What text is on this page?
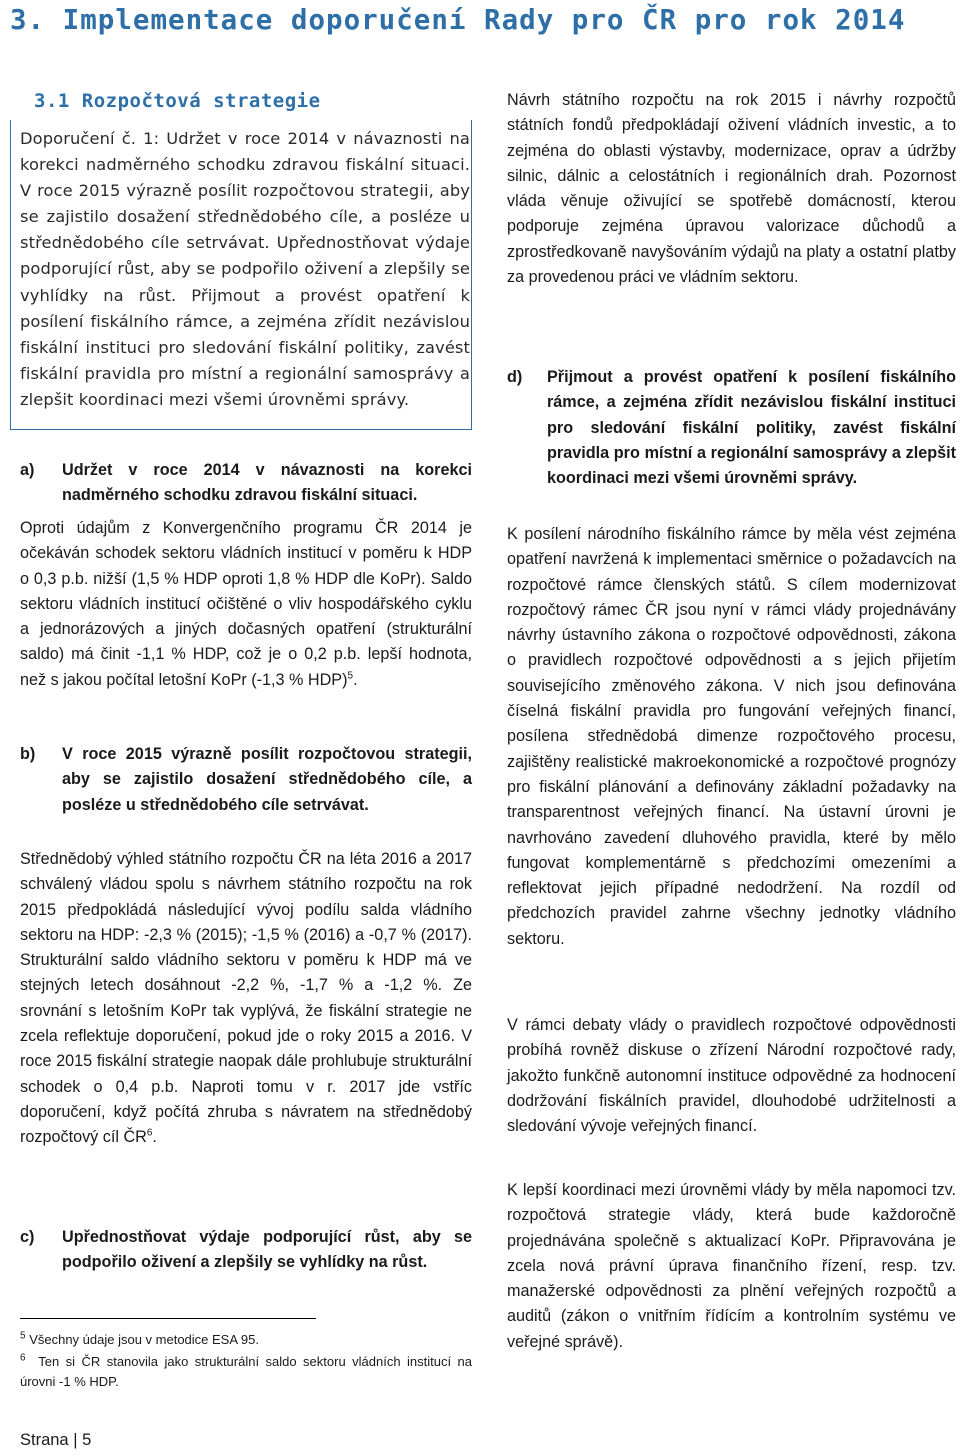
3. Implementace doporučení Rady pro ČR pro rok 2014
3.1 Rozpočtová strategie

Doporučení č. 1: Udržet v roce 2014 v návaznosti na korekci nadměrného schodku zdravou fiskální situaci. V roce 2015 výrazně posílit rozpočtovou strategii, aby se zajistilo dosažení střednědobého cíle, a posléze u střednědobého cíle setrvávat. Upřednostňovat výdaje podporující růst, aby se podpořilo oživení a zlepšily se vyhlídky na růst. Přijmout a provést opatření k posílení fiskálního rámce, a zejména zřídit nezávislou fiskální instituci pro sledování fiskální politiky, zavést fiskální pravidla pro místní a regionální samosprávy a zlepšit koordinaci mezi všemi úrovněmi správy.

a) Udržet v roce 2014 v návaznosti na korekci nadměrného schodku zdravou fiskální situaci.

Oproti údajům z Konvergenčního programu ČR 2014 je očekáván schodek sektoru vládních institucí v poměru k HDP o 0,3 p.b. nižší (1,5 % HDP oproti 1,8 % HDP dle KoPr). Saldo sektoru vládních institucí očištěné o vliv hospodářského cyklu a jednorázových a jiných dočasných opatření (strukturální saldo) má činit -1,1 % HDP, což je o 0,2 p.b. lepší hodnota, než s jakou počítal letošní KoPr (-1,3 % HDP)$^5$.

b) V roce 2015 výrazně posílit rozpočtovou strategii, aby se zajistilo dosažení střednědobého cíle, a posléze u střednědobého cíle setrvávat.

Střednědobý výhled státního rozpočtu ČR na léta 2016 a 2017 schválený vládou spolu s návrhem státního rozpočtu na rok 2015 předpokládá následující vývoj podílu salda vládního sektoru na HDP: -2,3 % (2015); -1,5 % (2016) a -0,7 % (2017). Strukturální saldo vládního sektoru v poměru k HDP má ve stejných letech dosáhnout -2,2 %, -1,7 % a -1,2 %. Ze srovnání s letošním KoPr tak vyplývá, že fiskální strategie ne zcela reflektuje doporučení, pokud jde o roky 2015 a 2016. V roce 2015 fiskální strategie naopak dále prohlubuje strukturální schodek o 0,4 p.b. Naproti tomu v r. 2017 jde vstříc doporučení, když počítá zhruba s návratem na střednědobý rozpočtový cíl $ČR^6$.

c) Upřednostňovat výdaje podporující růst, aby se podpořilo oživení a zlepšily se vyhlídky na růst.

$^5$ Všechny údaje jsou v metodice ESA 95.

$^6$ Ten si ČR stanovila jako strukturální saldo sektoru vládních institucí na úrovni -1 % HDP.

Strana | 5

Návrh státního rozpočtu na rok 2015 i návrhy rozpočtů státních fondů předpokládají oživení vládních investic, a to zejména do oblasti výstavby, modernizace, oprav a údržby silnic, dálnic a celostátních i regionálních drah. Pozornost vláda věnuje oživující se spotřebě domácností, kterou podporuje zejména úpravou valorizace důchodů a zprostředkovaně navyšováním výdajů na platy a ostatní platby za provedenou práci ve vládním sektoru.

d) Přijmout a provést opatření k posílení fiskálního rámce, a zejména zřídit nezávislou fiskální instituci pro sledování fiskální politiky, zavést fiskální pravidla pro místní a regionální samosprávy a zlepšit koordinaci mezi všemi úrovněmi správy.

K posílení národního fiskálního rámce by měla vést zejména opatření navržená k implementaci směrnice o požadavcích na rozpočtové rámce členských států. S cílem modernizovat rozpočtový rámec ČR jsou nyní v rámci vlády projednávány návrhy ústavního zákona o rozpočtové odpovědnosti, zákona o pravidlech rozpočtové odpovědnosti a s jejich přijetím souvisejícího změnového zákona. V nich jsou definována číselná fiskální pravidla pro fungování veřejných financí, posílena střednědobá dimenze rozpočtového procesu, zajištěny realistické makroekonomické a rozpočtové prognózy pro fiskální plánování a definovány základní požadavky na transparentnost veřejných financí. Na ústavní úrovni je navrhováno zavedení dluhového pravidla, které by mělo fungovat komplementárně s předchozími omezeními a reflektovat jejich případné nedodržení. Na rozdíl od předchozích pravidel zahrne všechny jednotky vládního sektoru.

V rámci debaty vlády o pravidlech rozpočtové odpovědnosti probíhá rovněž diskuse o zřízení Národní rozpočtové rady, jakožto funkčně autonomní instituce odpovědné za hodnocení dodržování fiskálních pravidel, dlouhodobé udržitelnosti a sledování vývoje veřejných financí.

K lepší koordinaci mezi úrovněmi vlády by měla napomoci tzv. rozpočtová strategie vlády, která bude každoročně projednávána společně s aktualizací KoPr. Připravována je zcela nová právní úprava finančního řízení, resp. tzv. manažerské odpovědnosti za plnění veřejných rozpočtů a auditů (zákon o vnitřním řídícím a kontrolním systému ve veřejné správě).
